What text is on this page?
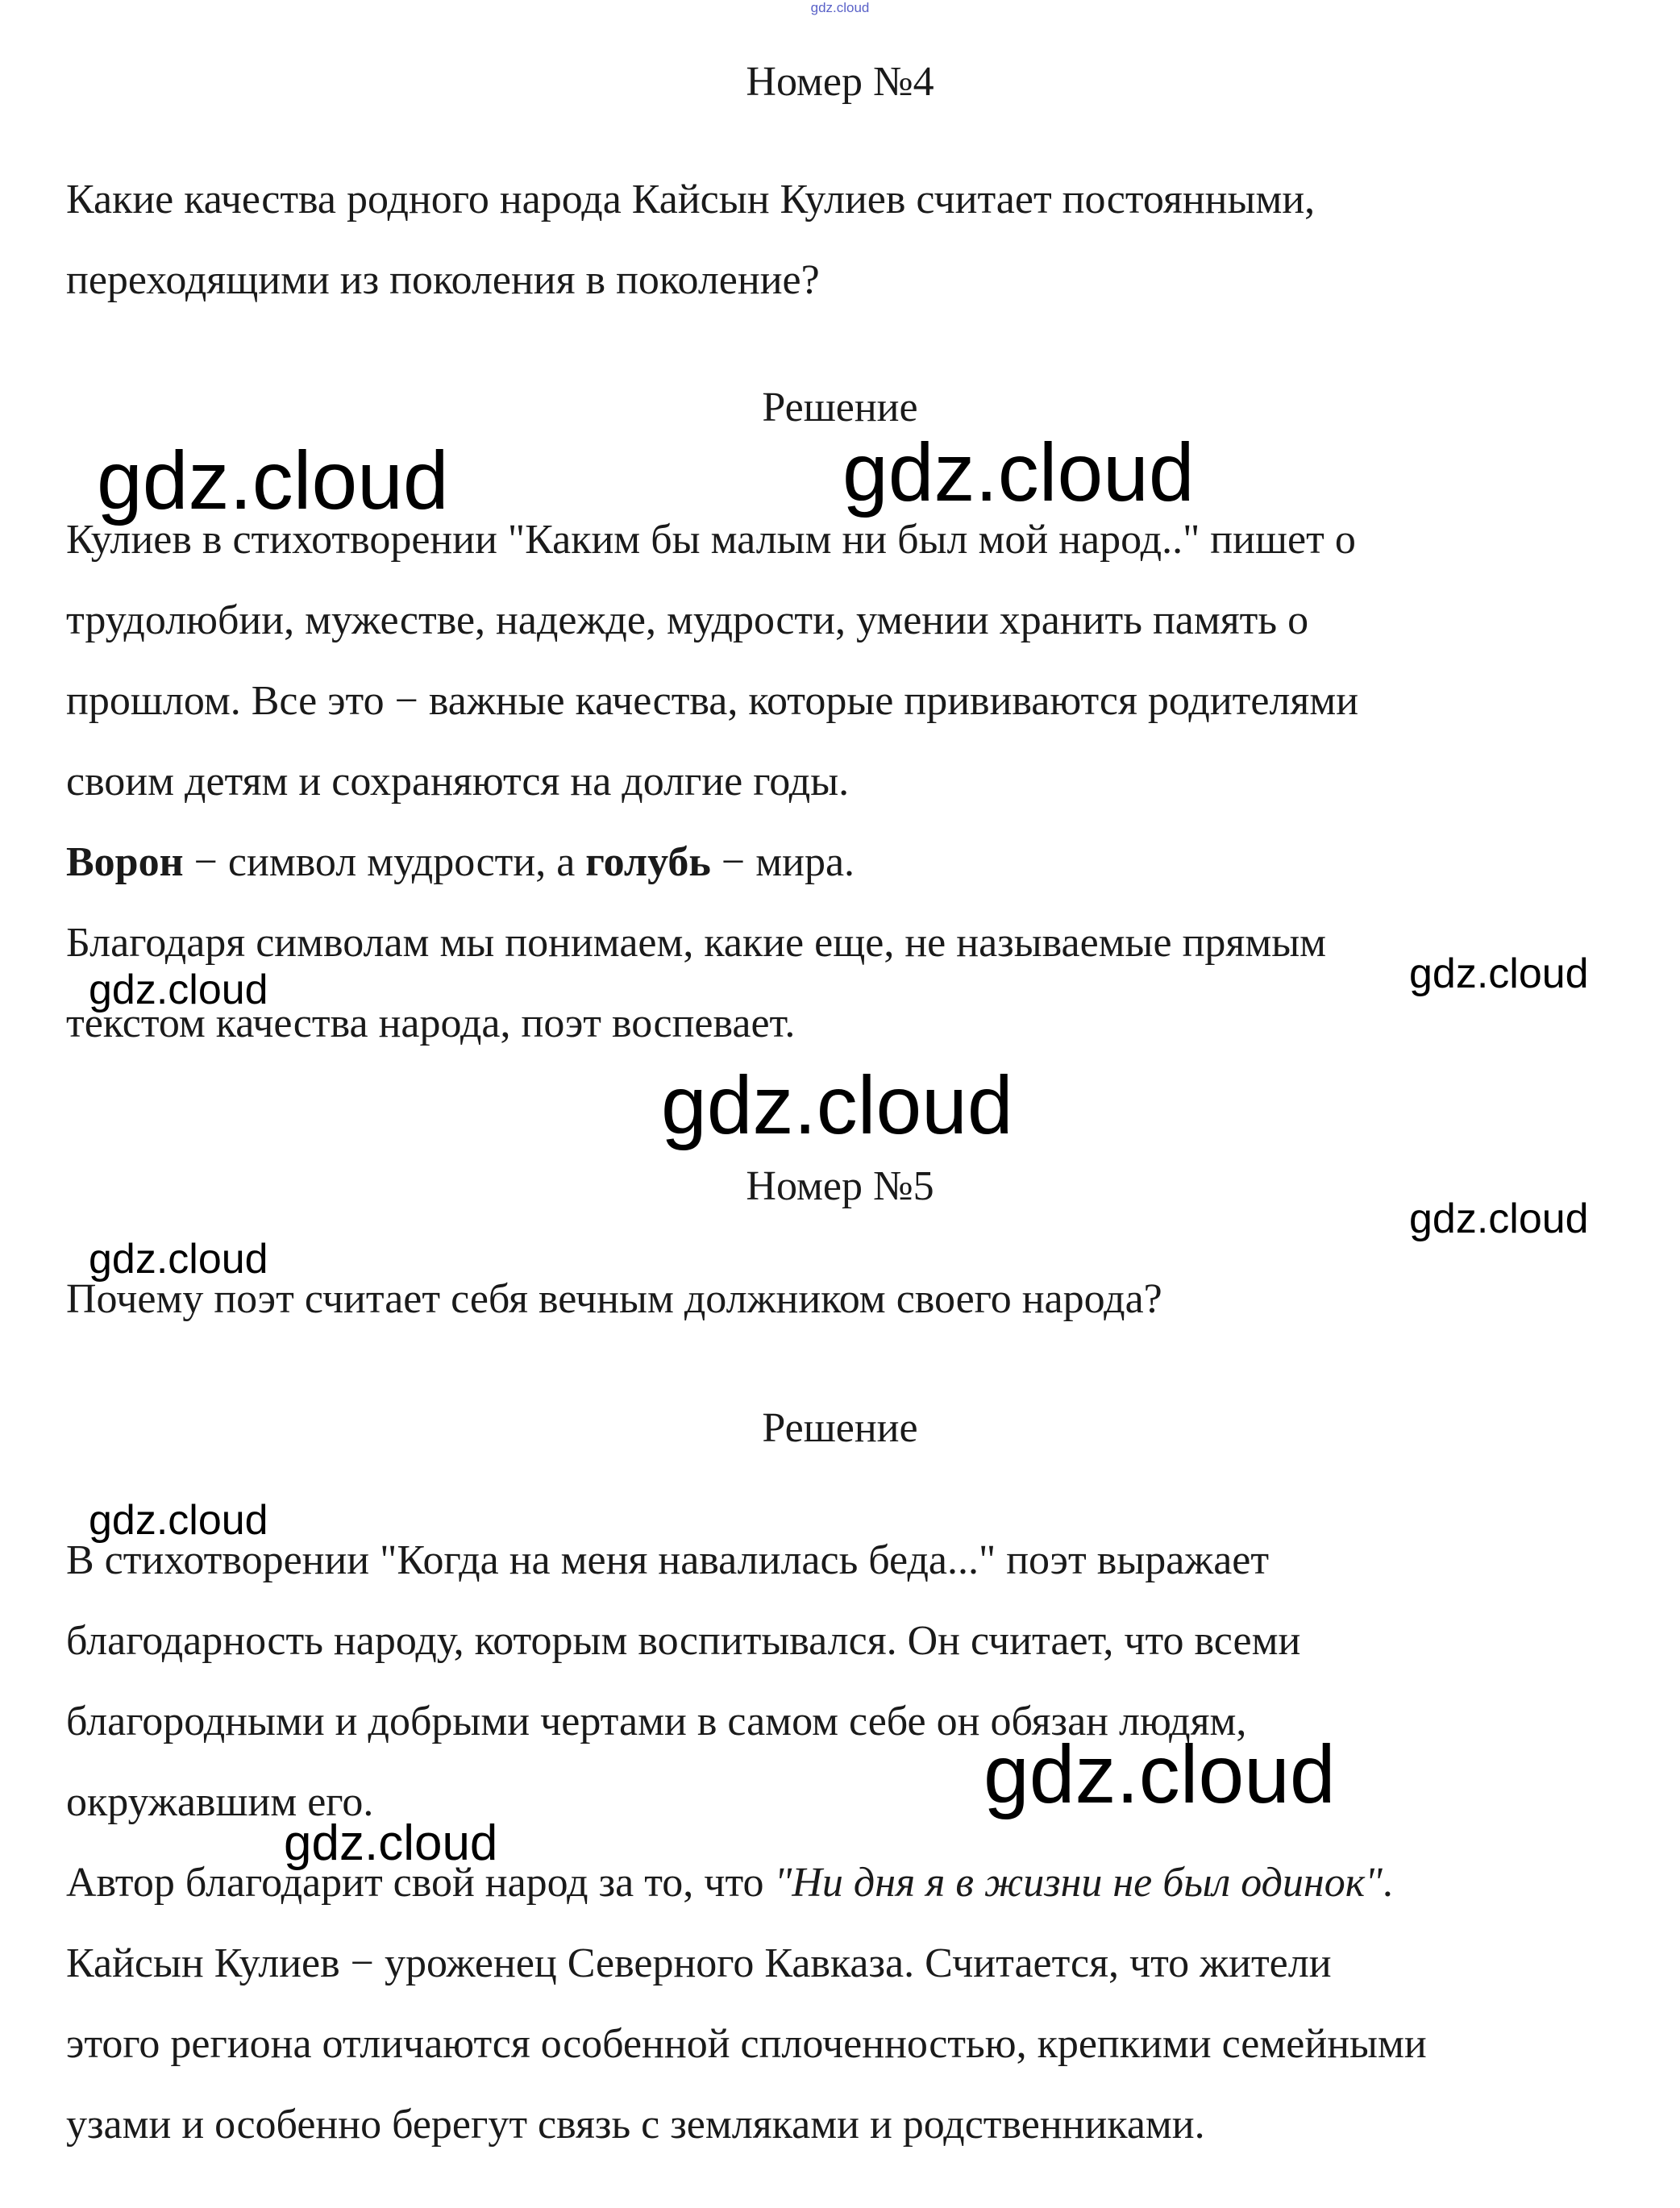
gdz.cloud
Номер №4
Какие качества родного народа Кайсын Кулиев считает постоянными,
переходящими из поколения в поколение?
Решение
Кулиев в стихотворении "Каким бы малым ни был мой народ.." пишет о
трудолюбии, мужестве, надежде, мудрости, умении хранить память о
прошлом. Все это − важные качества, которые прививаются родителями
своим детям и сохраняются на долгие годы.
Ворон − символ мудрости, а голубь − мира.
Благодаря символам мы понимаем, какие еще, не называемые прямым
текстом качества народа, поэт воспевает.
Номер №5
Почему поэт считает себя вечным должником своего народа?
Решение
В стихотворении "Когда на меня навалилась беда..." поэт выражает
благодарность народу, которым воспитывался. Он считает, что всеми
благородными и добрыми чертами в самом себе он обязан людям,
окружавшим его.
Автор благодарит свой народ за то, что "Ни дня я в жизни не был одинок".
Кайсын Кулиев − уроженец Северного Кавказа. Считается, что жители
этого региона отличаются особенной сплоченностью, крепкими семейными
узами и особенно берегут связь с земляками и родственниками.
gdz.cloud	gdz.cloud
gdz.cloud	gdz.cloud
gdz.cloud
gdz.cloud
gdz.cloud
gdz.cloud
gdz.cloud
gdz.cloud
